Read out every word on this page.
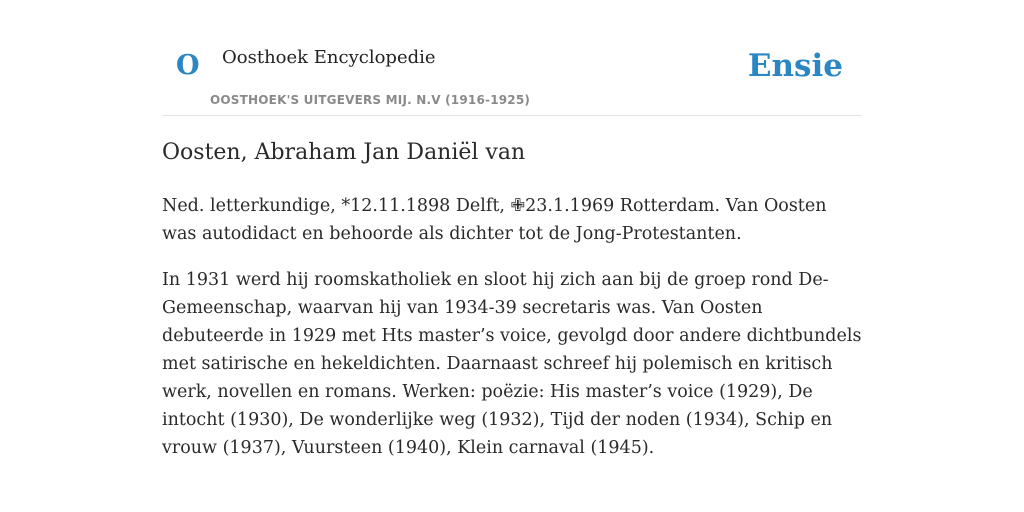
O Oosthoek Encyclopedie
OOSTHOEK'S UITGEVERS MIJ. N.V (1916-1925)
Ensie
Oosten, Abraham Jan Daniël van

Ned. letterkundige, *12.11.1898 Delft, ✙23.1.1969 Rotterdam. Van Oosten was autodidact en behoorde als dichter tot de Jong-Protestanten.

In 1931 werd hij roomskatholiek en sloot hij zich aan bij de groep rond De-Gemeenschap, waarvan hij van 1934-39 secretaris was. Van Oosten debuteerde in 1929 met Hts master’s voice, gevolgd door andere dichtbundels met satirische en hekeldichten. Daarnaast schreef hij polemisch en kritisch werk, novellen en romans. Werken: poëzie: His master’s voice (1929), De intocht (1930), De wonderlijke weg (1932), Tijd der noden (1934), Schip en vrouw (1937), Vuursteen (1940), Klein carnaval (1945).
